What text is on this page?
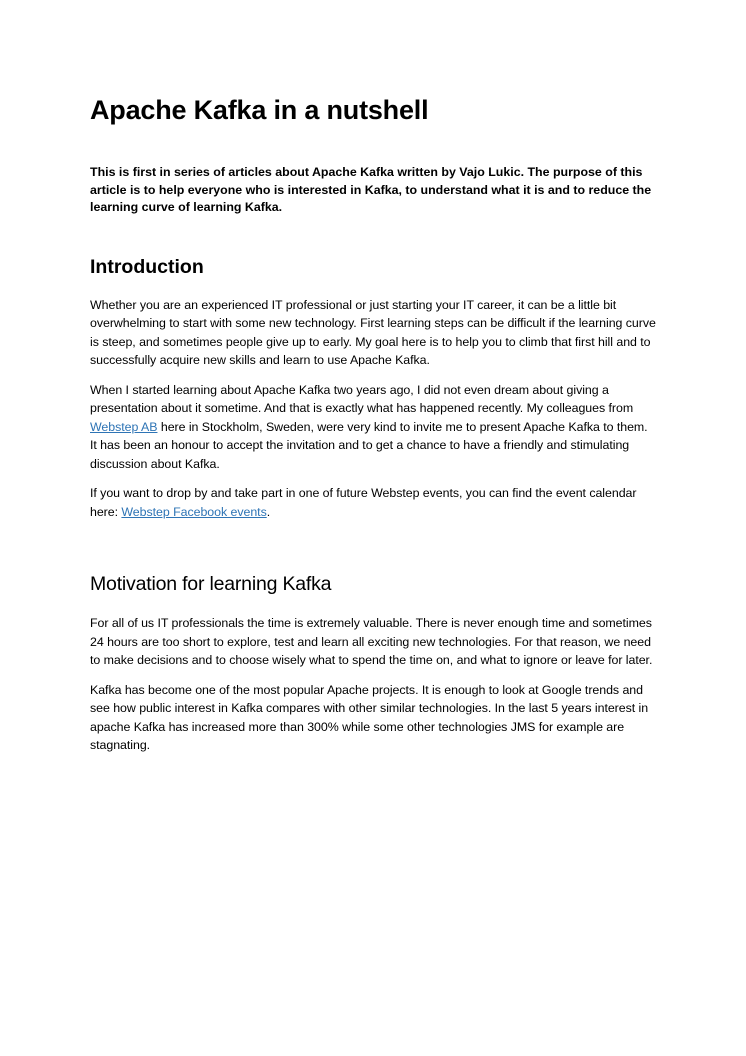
Apache Kafka in a nutshell

This is first in series of articles about Apache Kafka written by Vajo Lukic. The purpose of this article is to help everyone who is interested in Kafka, to understand what it is and to reduce the learning curve of learning Kafka.

Introduction

Whether you are an experienced IT professional or just starting your IT career, it can be a little bit overwhelming to start with some new technology. First learning steps can be difficult if the learning curve is steep, and sometimes people give up to early. My goal here is to help you to climb that first hill and to successfully acquire new skills and learn to use Apache Kafka.

When I started learning about Apache Kafka two years ago, I did not even dream about giving a presentation about it sometime. And that is exactly what has happened recently. My colleagues from Webstep AB here in Stockholm, Sweden, were very kind to invite me to present Apache Kafka to them. It has been an honour to accept the invitation and to get a chance to have a friendly and stimulating discussion about Kafka.

If you want to drop by and take part in one of future Webstep events, you can find the event calendar here: Webstep Facebook events.

Motivation for learning Kafka

For all of us IT professionals the time is extremely valuable. There is never enough time and sometimes 24 hours are too short to explore, test and learn all exciting new technologies. For that reason, we need to make decisions and to choose wisely what to spend the time on, and what to ignore or leave for later.

Kafka has become one of the most popular Apache projects. It is enough to look at Google trends and see how public interest in Kafka compares with other similar technologies. In the last 5 years interest in apache Kafka has increased more than 300% while some other technologies JMS for example are stagnating.
